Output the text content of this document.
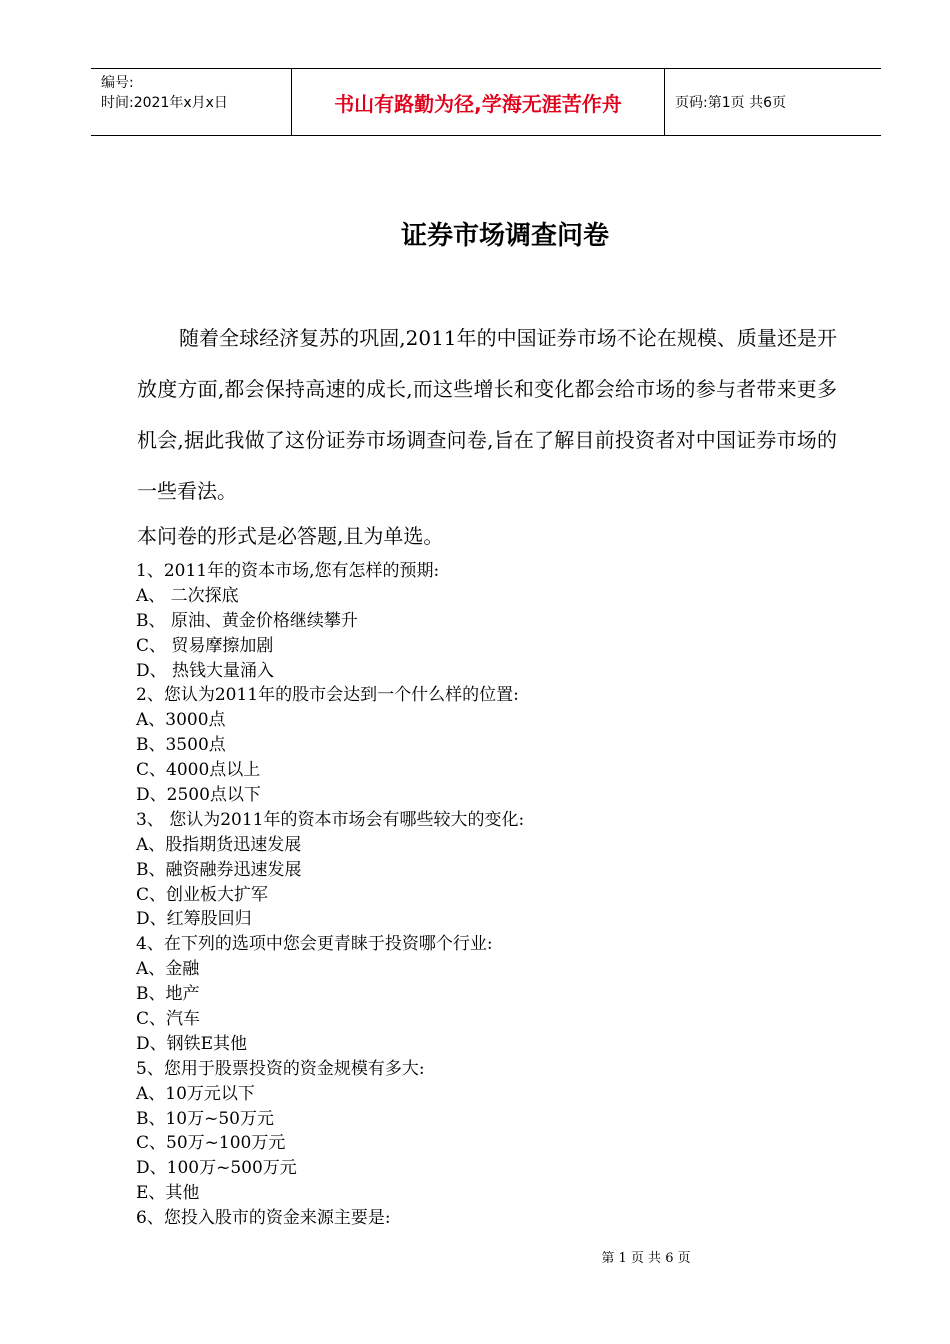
编号:
时间:2021年x月x日	书山有路勤为径,学海无涯苦作舟	页码:第1页 共6页
证券市场调查问卷

随着全球经济复苏的巩固,2011年的中国证券市场不论在规模、质量还是开放度方面,都会保持高速的成长,而这些增长和变化都会给市场的参与者带来更多机会,据此我做了这份证券市场调查问卷,旨在了解目前投资者对中国证券市场的一些看法。

本问卷的形式是必答题,且为单选。

1、2011年的资本市场,您有怎样的预期:
A、 二次探底
B、 原油、黄金价格继续攀升
C、 贸易摩擦加剧
D、 热钱大量涌入
2、您认为2011年的股市会达到一个什么样的位置:
A、3000点
B、3500点
C、4000点以上
D、2500点以下
3、 您认为2011年的资本市场会有哪些较大的变化:
A、股指期货迅速发展
B、融资融券迅速发展
C、创业板大扩军
D、红筹股回归
4、在下列的选项中您会更青睐于投资哪个行业:
A、金融
B、地产
C、汽车
D、钢铁E其他
5、您用于股票投资的资金规模有多大:
A、10万元以下
B、10万~50万元
C、50万~100万元
D、100万~500万元
E、其他
6、您投入股市的资金来源主要是:
第 1 页 共 6 页
